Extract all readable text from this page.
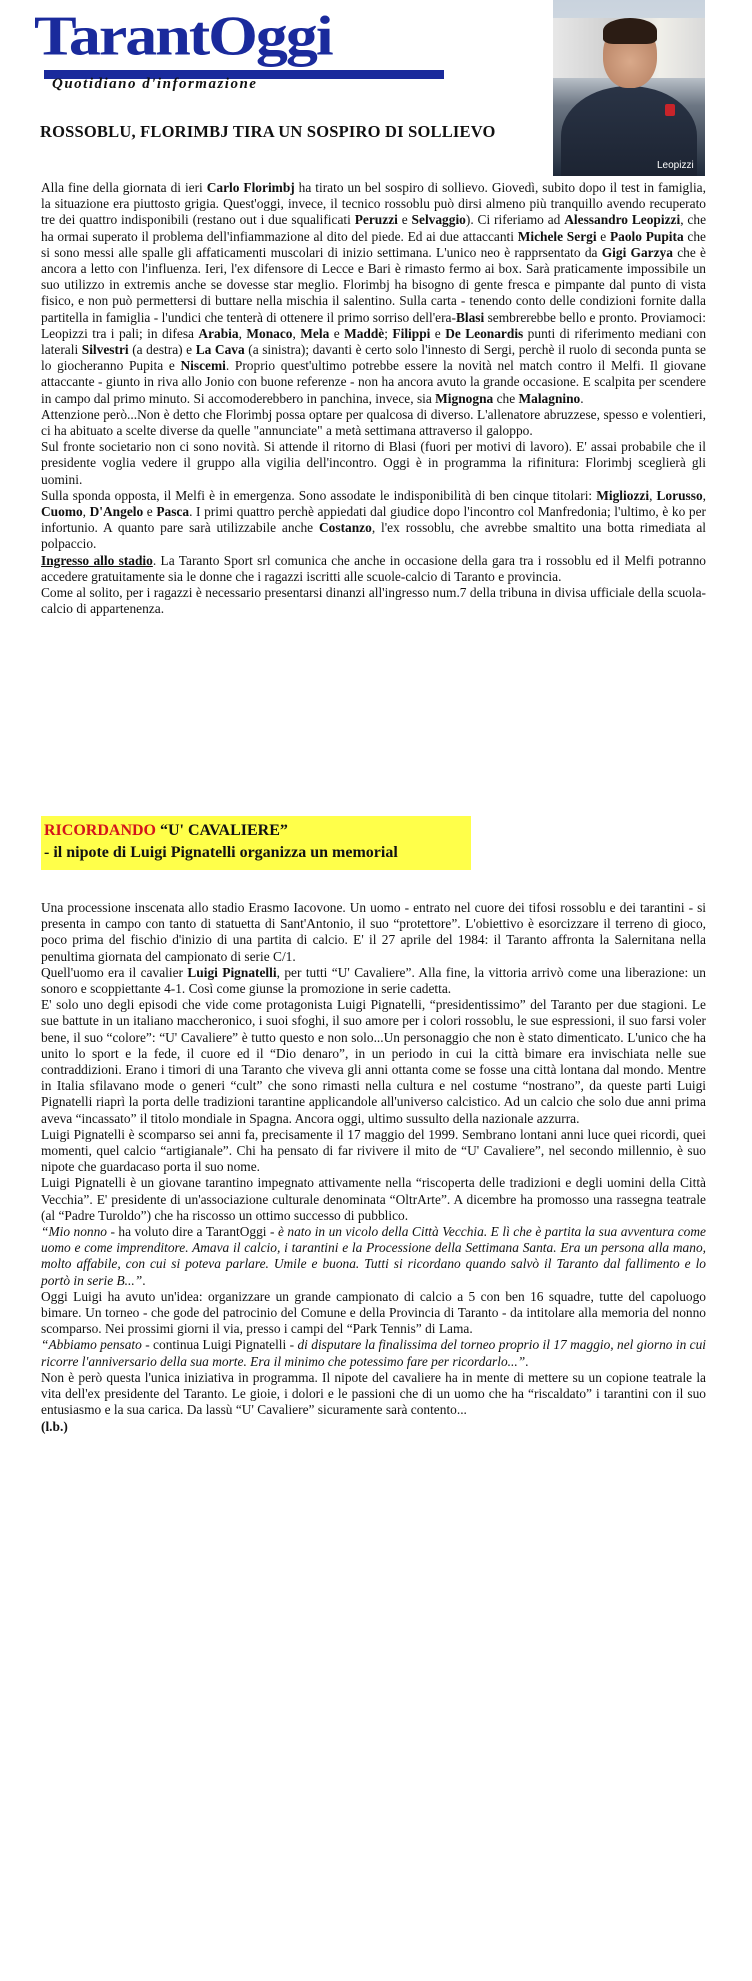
TarantOggi
Quotidiano d'informazione
Leopizzi
ROSSOBLU, FLORIMBJ TIRA UN SOSPIRO DI SOLLIEVO

Alla fine della giornata di ieri Carlo Florimbj ha tirato un bel sospiro di sollievo. Giovedì, subito dopo il test in famiglia, la situazione era piuttosto grigia. Quest'oggi, invece, il tecnico rossoblu può dirsi almeno più tranquillo avendo recuperato tre dei quattro indisponibili (restano out i due squalificati Peruzzi e Selvaggio). Ci riferiamo ad Alessandro Leopizzi, che ha ormai superato il problema dell'infiammazione al dito del piede. Ed ai due attaccanti Michele Sergi e Paolo Pupita che si sono messi alle spalle gli affaticamenti muscolari di inizio settimana. L'unico neo è rapprsentato da Gigi Garzya che è ancora a letto con l'influenza. Ieri, l'ex difensore di Lecce e Bari è rimasto fermo ai box. Sarà praticamente impossibile un suo utilizzo in extremis anche se dovesse star meglio. Florimbj ha bisogno di gente fresca e pimpante dal punto di vista fisico, e non può permettersi di buttare nella mischia il salentino. Sulla carta - tenendo conto delle condizioni fornite dalla partitella in famiglia - l'undici che tenterà di ottenere il primo sorriso dell'era-Blasi sembrerebbe bello e pronto. Proviamoci: Leopizzi tra i pali; in difesa Arabia, Monaco, Mela e Maddè; Filippi e De Leonardis punti di riferimento mediani con laterali Silvestri (a destra) e La Cava (a sinistra); davanti è certo solo l'innesto di Sergi, perchè il ruolo di seconda punta se lo giocheranno Pupita e Niscemi. Proprio quest'ultimo potrebbe essere la novità nel match contro il Melfi. Il giovane attaccante - giunto in riva allo Jonio con buone referenze - non ha ancora avuto la grande occasione. E scalpita per scendere in campo dal primo minuto. Si accomoderebbero in panchina, invece, sia Mignogna che Malagnino.

Attenzione però...Non è detto che Florimbj possa optare per qualcosa di diverso. L'allenatore abruzzese, spesso e volentieri, ci ha abituato a scelte diverse da quelle "annunciate" a metà settimana attraverso il galoppo.

Sul fronte societario non ci sono novità. Si attende il ritorno di Blasi (fuori per motivi di lavoro). E' assai probabile che il presidente voglia vedere il gruppo alla vigilia dell'incontro. Oggi è in programma la rifinitura: Florimbj sceglierà gli uomini.

Sulla sponda opposta, il Melfi è in emergenza. Sono assodate le indisponibilità di ben cinque titolari: Migliozzi, Lorusso, Cuomo, D'Angelo e Pasca. I primi quattro perchè appiedati dal giudice dopo l'incontro col Manfredonia; l'ultimo, è ko per infortunio. A quanto pare sarà utilizzabile anche Costanzo, l'ex rossoblu, che avrebbe smaltito una botta rimediata al polpaccio.

Ingresso allo stadio. La Taranto Sport srl comunica che anche in occasione della gara tra i rossoblu ed il Melfi potranno accedere gratuitamente sia le donne che i ragazzi iscritti alle scuole-calcio di Taranto e provincia.

Come al solito, per i ragazzi è necessario presentarsi dinanzi all'ingresso num.7 della tribuna in divisa ufficiale della scuola-calcio di appartenenza.

RICORDANDO “U' CAVALIERE”
- il nipote di Luigi Pignatelli organizza un memorial

Una processione inscenata allo stadio Erasmo Iacovone. Un uomo - entrato nel cuore dei tifosi rossoblu e dei tarantini - si presenta in campo con tanto di statuetta di Sant'Antonio, il suo “protettore”. L'obiettivo è esorcizzare il terreno di gioco, poco prima del fischio d'inizio di una partita di calcio. E' il 27 aprile del 1984: il Taranto affronta la Salernitana nella penultima giornata del campionato di serie C/1.

Quell'uomo era il cavalier Luigi Pignatelli, per tutti “U' Cavaliere”. Alla fine, la vittoria arrivò come una liberazione: un sonoro e scoppiettante 4-1. Così come giunse la promozione in serie cadetta.

E' solo uno degli episodi che vide come protagonista Luigi Pignatelli, “presidentissimo” del Taranto per due stagioni. Le sue battute in un italiano maccheronico, i suoi sfoghi, il suo amore per i colori rossoblu, le sue espressioni, il suo farsi voler bene, il suo “colore”: “U' Cavaliere” è tutto questo e non solo...Un personaggio che non è stato dimenticato. L'unico che ha unito lo sport e la fede, il cuore ed il “Dio denaro”, in un periodo in cui la città bimare era invischiata nelle sue contraddizioni. Erano i timori di una Taranto che viveva gli anni ottanta come se fosse una città lontana dal mondo. Mentre in Italia sfilavano mode o generi “cult” che sono rimasti nella cultura e nel costume “nostrano”, da queste parti Luigi Pignatelli riaprì la porta delle tradizioni tarantine applicandole all'universo calcistico. Ad un calcio che solo due anni prima aveva “incassato” il titolo mondiale in Spagna. Ancora oggi, ultimo sussulto della nazionale azzurra.

Luigi Pignatelli è scomparso sei anni fa, precisamente il 17 maggio del 1999. Sembrano lontani anni luce quei ricordi, quei momenti, quel calcio “artigianale”. Chi ha pensato di far rivivere il mito de “U' Cavaliere”, nel secondo millennio, è suo nipote che guardacaso porta il suo nome.

Luigi Pignatelli è un giovane tarantino impegnato attivamente nella “riscoperta delle tradizioni e degli uomini della Città Vecchia”. E' presidente di un'associazione culturale denominata “OltrArte”. A dicembre ha promosso una rassegna teatrale (al “Padre Turoldo”) che ha riscosso un ottimo successo di pubblico.

“Mio nonno - ha voluto dire a TarantOggi - è nato in un vicolo della Città Vecchia. E lì che è partita la sua avventura come uomo e come imprenditore. Amava il calcio, i tarantini e la Processione della Settimana Santa. Era un persona alla mano, molto affabile, con cui si poteva parlare. Umile e buona. Tutti si ricordano quando salvò il Taranto dal fallimento e lo portò in serie B...”.

Oggi Luigi ha avuto un'idea: organizzare un grande campionato di calcio a 5 con ben 16 squadre, tutte del capoluogo bimare. Un torneo - che gode del patrocinio del Comune e della Provincia di Taranto - da intitolare alla memoria del nonno scomparso. Nei prossimi giorni il via, presso i campi del “Park Tennis” di Lama.

“Abbiamo pensato - continua Luigi Pignatelli - di disputare la finalissima del torneo proprio il 17 maggio, nel giorno in cui ricorre l'anniversario della sua morte. Era il minimo che potessimo fare per ricordarlo...”.

Non è però questa l'unica iniziativa in programma. Il nipote del cavaliere ha in mente di mettere su un copione teatrale la vita dell'ex presidente del Taranto. Le gioie, i dolori e le passioni che di un uomo che ha “riscaldato” i tarantini con il suo entusiasmo e la sua carica. Da lassù “U' Cavaliere” sicuramente sarà contento...

(l.b.)
